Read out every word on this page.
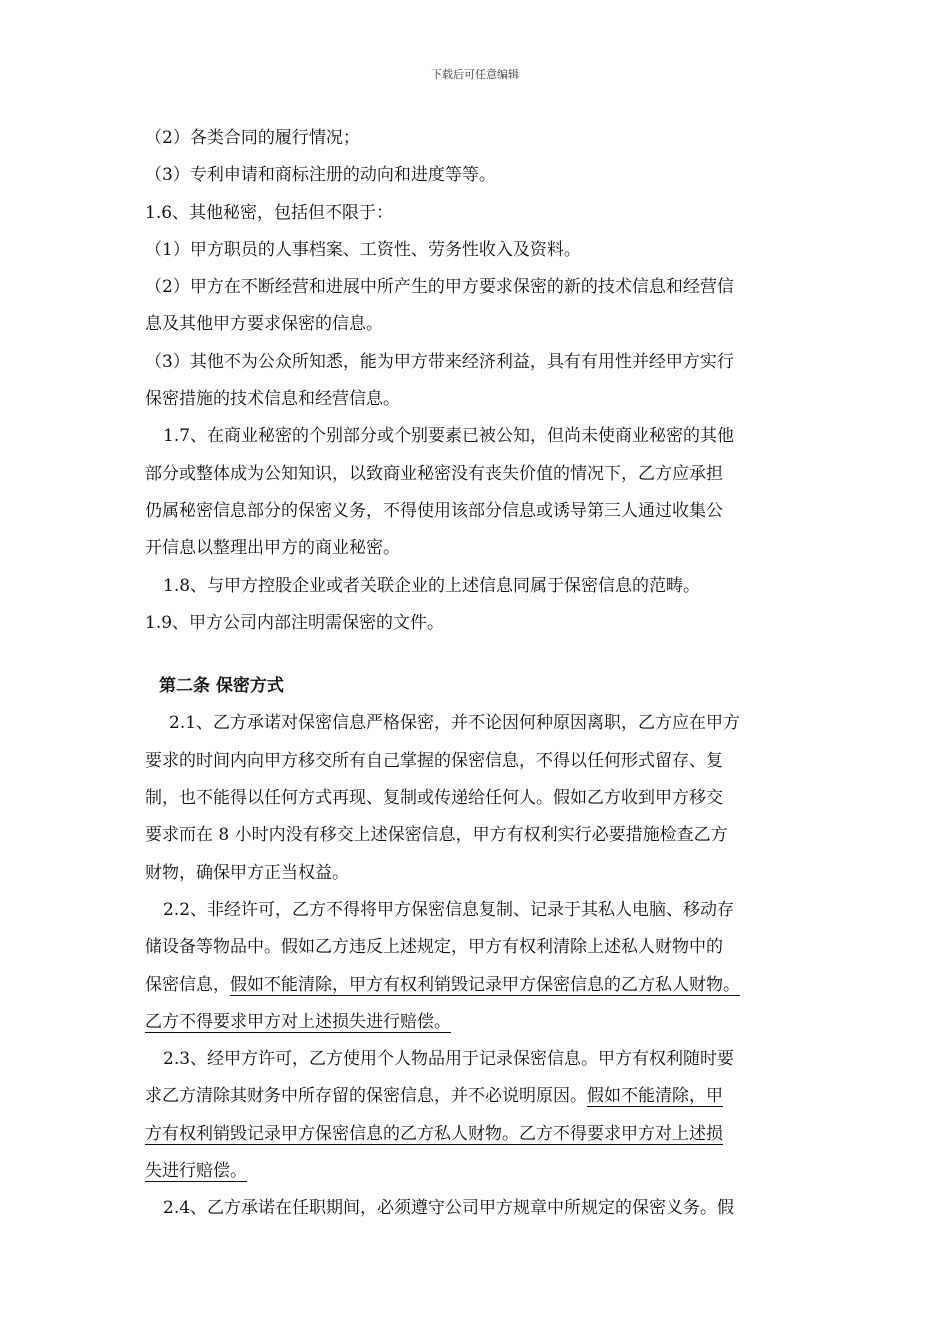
下载后可任意编辑

（2）各类合同的履行情况；

（3）专利申请和商标注册的动向和进度等等。

1.6、其他秘密，包括但不限于：

（1）甲方职员的人事档案、工资性、劳务性收入及资料。

（2）甲方在不断经营和进展中所产生的甲方要求保密的新的技术信息和经营信

息及其他甲方要求保密的信息。

（3）其他不为公众所知悉，能为甲方带来经济利益，具有有用性并经甲方实行

保密措施的技术信息和经营信息。

1.7、在商业秘密的个别部分或个别要素已被公知，但尚未使商业秘密的其他

部分或整体成为公知知识，以致商业秘密没有丧失价值的情况下，乙方应承担

仍属秘密信息部分的保密义务，不得使用该部分信息或诱导第三人通过收集公

开信息以整理出甲方的商业秘密。

1.8、与甲方控股企业或者关联企业的上述信息同属于保密信息的范畴。

1.9、甲方公司内部注明需保密的文件。

第二条 保密方式

2.1、乙方承诺对保密信息严格保密，并不论因何种原因离职，乙方应在甲方

要求的时间内向甲方移交所有自己掌握的保密信息，不得以任何形式留存、复

制，也不能得以任何方式再现、复制或传递给任何人。假如乙方收到甲方移交

要求而在 8 小时内没有移交上述保密信息，甲方有权利实行必要措施检查乙方

财物，确保甲方正当权益。

2.2、非经许可，乙方不得将甲方保密信息复制、记录于其私人电脑、移动存

储设备等物品中。假如乙方违反上述规定，甲方有权利清除上述私人财物中的

保密信息，假如不能清除，甲方有权利销毁记录甲方保密信息的乙方私人财物。

乙方不得要求甲方对上述损失进行赔偿。

2.3、经甲方许可，乙方使用个人物品用于记录保密信息。甲方有权利随时要

求乙方清除其财务中所存留的保密信息，并不必说明原因。假如不能清除，甲

方有权利销毁记录甲方保密信息的乙方私人财物。乙方不得要求甲方对上述损

失进行赔偿。

2.4、乙方承诺在任职期间，必须遵守公司甲方规章中所规定的保密义务。假
